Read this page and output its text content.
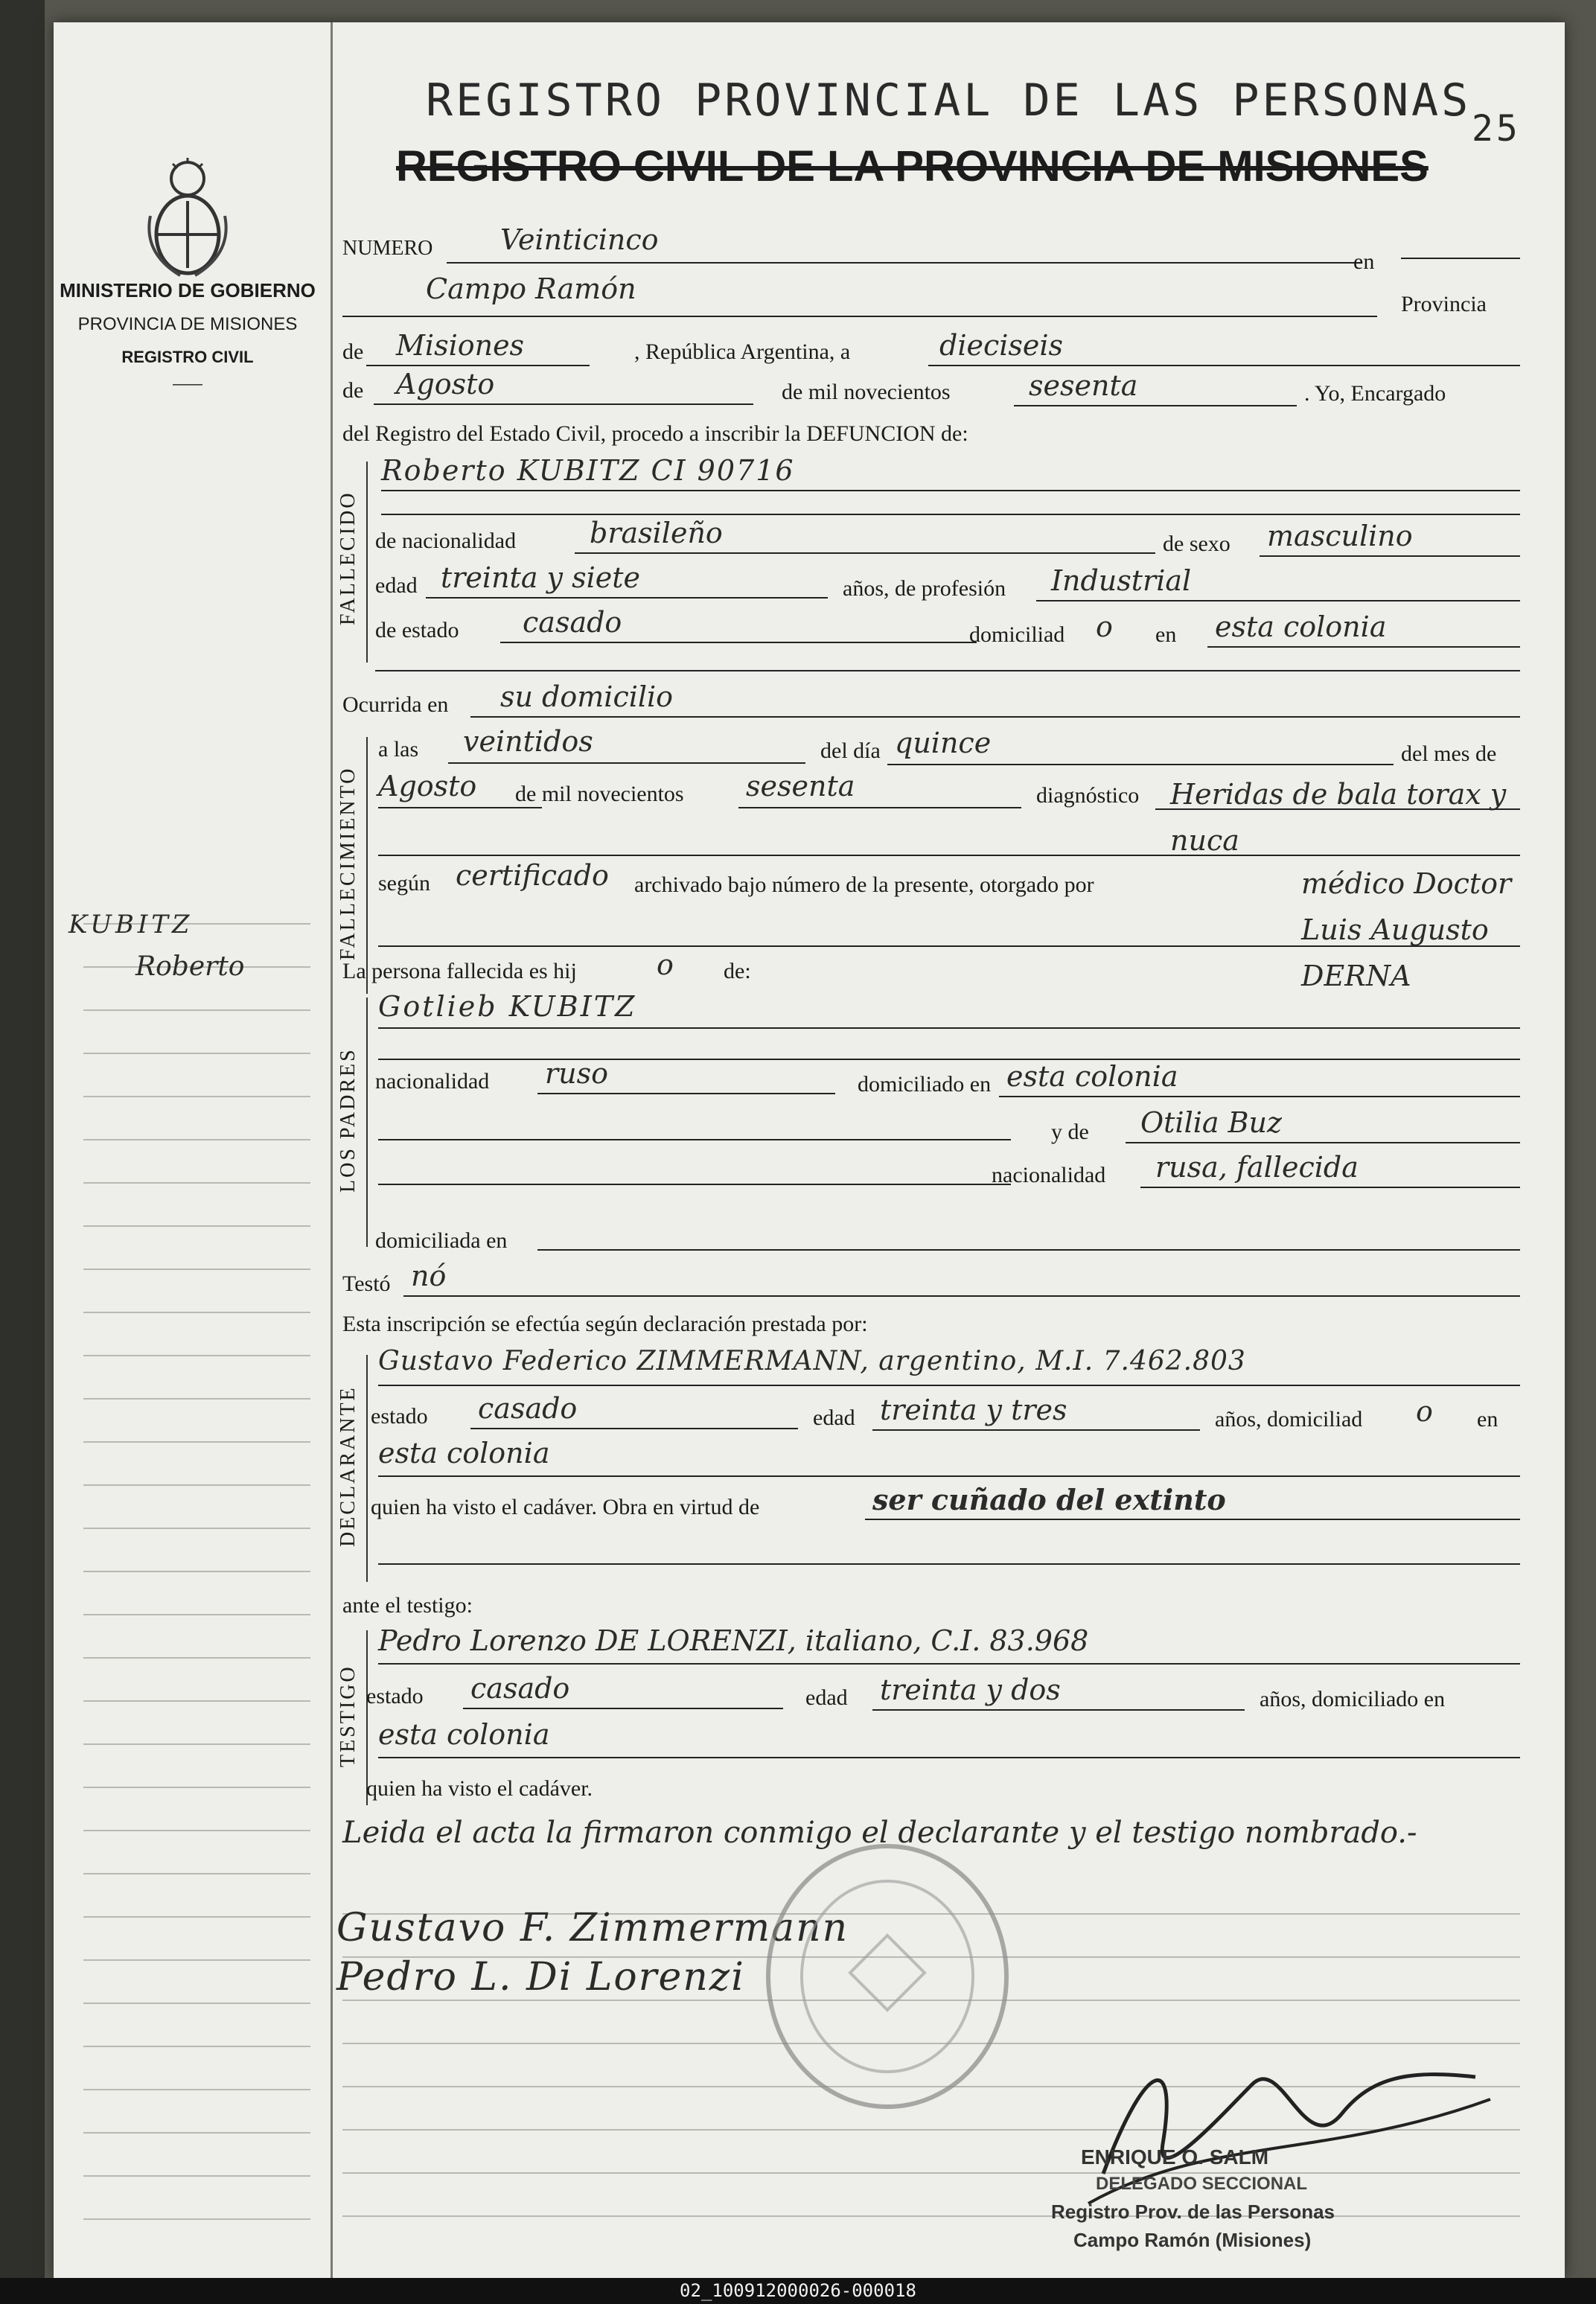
MINISTERIO DE GOBIERNO
PROVINCIA DE MISIONES
REGISTRO CIVIL
——
KUBITZ
Roberto
REGISTRO PROVINCIAL DE LAS PERSONAS
REGISTRO CIVIL DE LA PROVINCIA DE MISIONES
25
NUMERO Veinticinco
en
Campo Ramón	Provincia
de Misiones	, República Argentina, a	dieciseis
de Agosto	de mil novecientos	sesenta	. Yo, Encargado
del Registro del Estado Civil, procedo a inscribir la DEFUNCION de:
FALLECIDO
Roberto KUBITZ CI 90716
de nacionalidad	brasileño	de sexo masculino
edad treinta y siete	años, de profesión Industrial
de estado casado	domiciliad o en esta colonia
Ocurrida en su domicilio
FALLECIMIENTO
a las veintidos	del día quince	del mes de
Agosto de mil novecientos sesenta	diagnóstico Heridas de bala torax y nuca
según certificado archivado bajo número de la presente, otorgado por	médico Doctor Luis Augusto DERNA
La persona fallecida es hij	o de:
LOS PADRES
Gotlieb KUBITZ
nacionalidad ruso	domiciliado en esta colonia
y de Otilia Buz
nacionalidad rusa, fallecida
domiciliada en
Testó nó
Esta inscripción se efectúa según declaración prestada por:
DECLARANTE
Gustavo Federico ZIMMERMANN, argentino, M.I. 7.462.803
estado casado	edad treinta y tres	años, domiciliad o en
esta colonia
quien ha visto el cadáver. Obra en virtud de	ser cuñado del extinto
ante el testigo:
TESTIGO
Pedro Lorenzo DE LORENZI, italiano, C.I. 83.968
estado casado	edad treinta y dos	años, domiciliado en
esta colonia
quien ha visto el cadáver.
Leida el acta la firmaron conmigo el declarante y el testigo nombrado.-
Gustavo F. Zimmermann
Pedro L. Di Lorenzi
ENRIQUE O. SALM
DELEGADO SECCIONAL
Registro Prov. de las Personas
Campo Ramón (Misiones)
02_100912000026-000018
